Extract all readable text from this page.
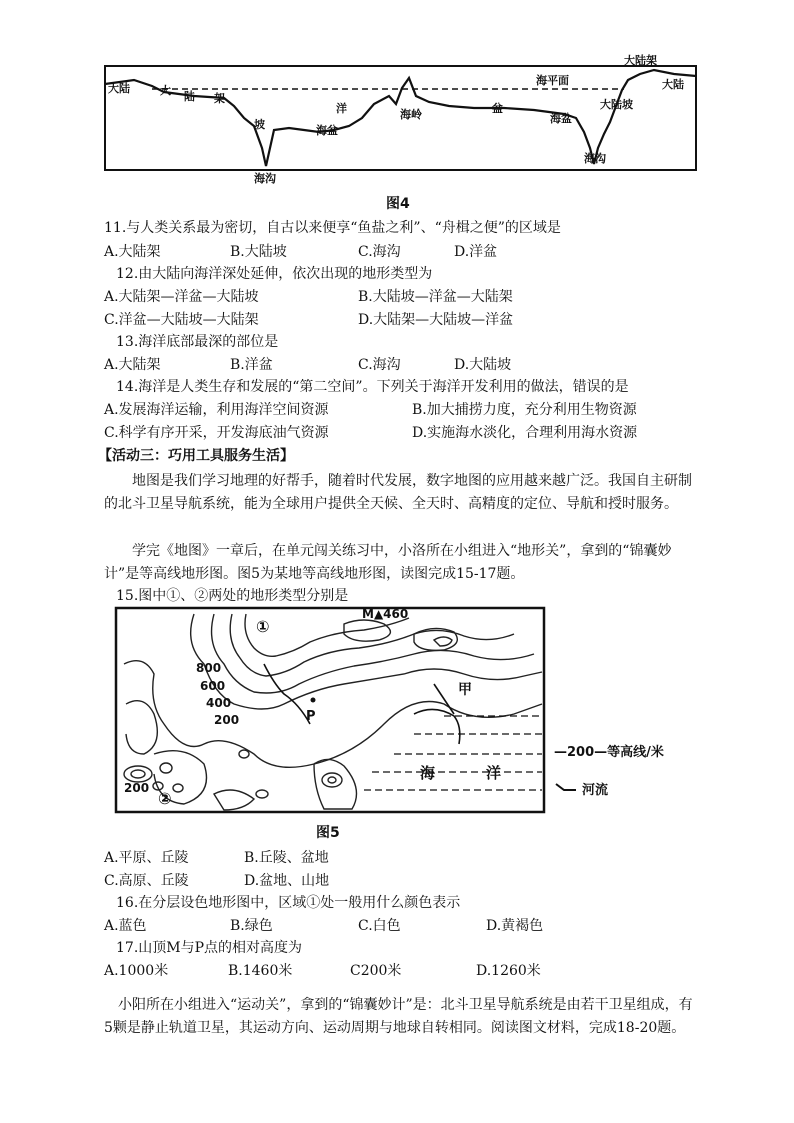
大陆	大 陆 架
坡
洋
海盆
海岭	盆
海盆
海平面
大陆架
大陆坡
大陆
海沟
海沟
图4
11.与人类关系最为密切，自古以来便享“鱼盐之利”、“舟楫之便”的区域是
A.大陆架	B.大陆坡	C.海沟	D.洋盆
12.由大陆向海洋深处延伸，依次出现的地形类型为
A.大陆架—洋盆—大陆坡	B.大陆坡—洋盆—大陆架
C.洋盆—大陆坡—大陆架	D.大陆架—大陆坡—洋盆
13.海洋底部最深的部位是
A.大陆架	B.洋盆	C.海沟	D.大陆坡
14.海洋是人类生存和发展的“第二空间”。下列关于海洋开发利用的做法，错误的是
A.发展海洋运输，利用海洋空间资源	B.加大捕捞力度，充分利用生物资源
C.科学有序开采，开发海底油气资源	D.实施海水淡化，合理利用海水资源
【活动三：巧用工具服务生活】
地图是我们学习地理的好帮手，随着时代发展，数字地图的应用越来越广泛。我国自主研制的北斗卫星导航系统，能为全球用户提供全天候、全天时、高精度的定位、导航和授时服务。
学完《地图》一章后，在单元闯关练习中，小洛所在小组进入“地形关”，拿到的“锦囊妙计”是等高线地形图。图5为某地等高线地形图，读图完成15-17题。
15.图中①、②两处的地形类型分别是
①
②
P
甲
海	洋
M▲460
800
600
400
200
200
—200—等高线/米
河流
图5
A.平原、丘陵	B.丘陵、盆地
C.高原、丘陵	D.盆地、山地
16.在分层设色地形图中，区域①处一般用什么颜色表示
A.蓝色	B.绿色	C.白色	D.黄褐色
17.山顶M与P点的相对高度为
A.1000米	B.1460米	C200米	D.1260米
小阳所在小组进入“运动关”，拿到的“锦囊妙计”是：北斗卫星导航系统是由若干卫星组成，有5颗是静止轨道卫星，其运动方向、运动周期与地球自转相同。阅读图文材料，完成18-20题。
